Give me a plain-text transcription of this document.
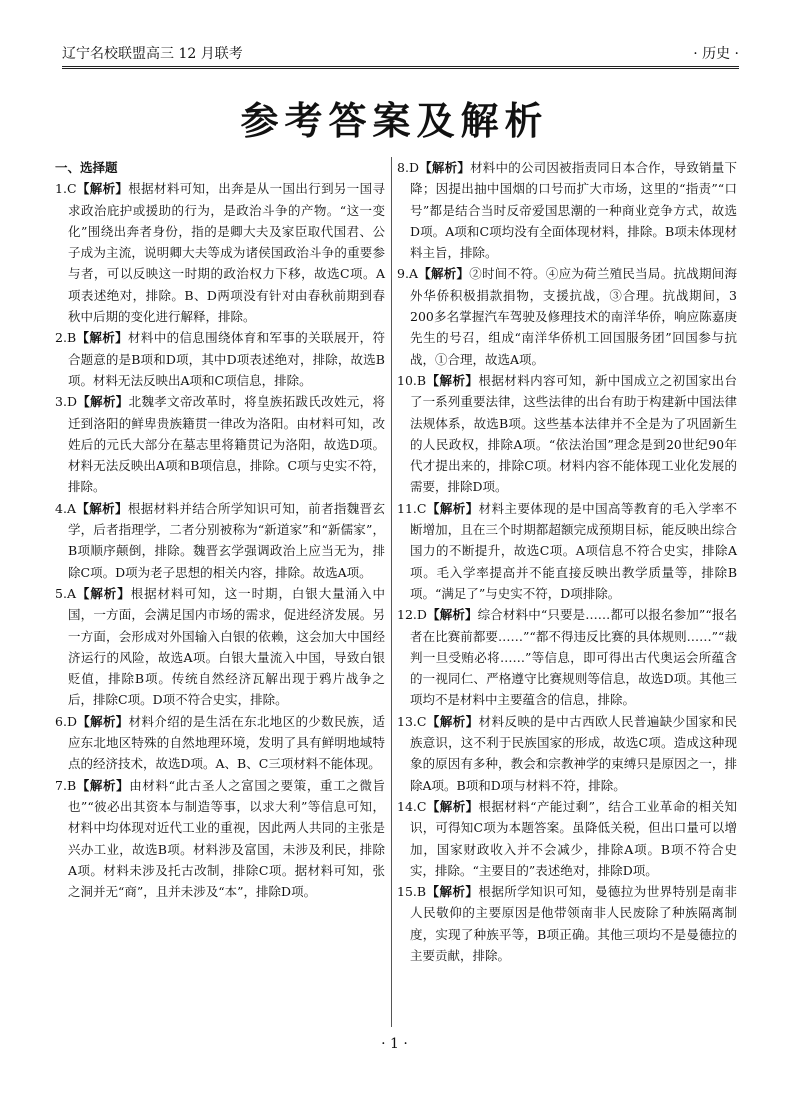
辽宁名校联盟高三 12 月联考	· 历史 ·
参考答案及解析
一、选择题

1.C【解析】根据材料可知，出奔是从一国出行到另一国寻求政治庇护或援助的行为，是政治斗争的产物。“这一变化”围绕出奔者身份，指的是卿大夫及家臣取代国君、公子成为主流，说明卿大夫等成为诸侯国政治斗争的重要参与者，可以反映这一时期的政治权力下移，故选C项。A项表述绝对，排除。B、D两项没有针对由春秋前期到春秋中后期的变化进行解释，排除。

2.B【解析】材料中的信息围绕体育和军事的关联展开，符合题意的是B项和D项，其中D项表述绝对，排除，故选B项。材料无法反映出A项和C项信息，排除。

3.D【解析】北魏孝文帝改革时，将皇族拓跋氏改姓元，将迁到洛阳的鲜卑贵族籍贯一律改为洛阳。由材料可知，改姓后的元氏大部分在墓志里将籍贯记为洛阳，故选D项。材料无法反映出A项和B项信息，排除。C项与史实不符，排除。

4.A【解析】根据材料并结合所学知识可知，前者指魏晋玄学，后者指理学，二者分别被称为“新道家”和“新儒家”，B项顺序颠倒，排除。魏晋玄学强调政治上应当无为，排除C项。D项为老子思想的相关内容，排除。故选A项。

5.A【解析】根据材料可知，这一时期，白银大量涌入中国，一方面，会满足国内市场的需求，促进经济发展。另一方面，会形成对外国输入白银的依赖，这会加大中国经济运行的风险，故选A项。白银大量流入中国，导致白银贬值，排除B项。传统自然经济瓦解出现于鸦片战争之后，排除C项。D项不符合史实，排除。

6.D【解析】材料介绍的是生活在东北地区的少数民族，适应东北地区特殊的自然地理环境，发明了具有鲜明地域特点的经济技术，故选D项。A、B、C三项材料不能体现。

7.B【解析】由材料“此古圣人之富国之要策，重工之微旨也”“彼必出其资本与制造等事，以求大利”等信息可知，材料中均体现对近代工业的重视，因此两人共同的主张是兴办工业，故选B项。材料涉及富国，未涉及利民，排除A项。材料未涉及托古改制，排除C项。据材料可知，张之洞并无“商”，且并未涉及“本”，排除D项。

8.D【解析】材料中的公司因被指责同日本合作，导致销量下降；因提出抽中国烟的口号而扩大市场，这里的“指责”“口号”都是结合当时反帝爱国思潮的一种商业竞争方式，故选D项。A项和C项均没有全面体现材料，排除。B项未体现材料主旨，排除。

9.A【解析】②时间不符。④应为荷兰殖民当局。抗战期间海外华侨积极捐款捐物，支援抗战，③合理。抗战期间，3 200多名掌握汽车驾驶及修理技术的南洋华侨，响应陈嘉庚先生的号召，组成“南洋华侨机工回国服务团”回国参与抗战，①合理，故选A项。

10.B【解析】根据材料内容可知，新中国成立之初国家出台了一系列重要法律，这些法律的出台有助于构建新中国法律法规体系，故选B项。这些基本法律并不全是为了巩固新生的人民政权，排除A项。“依法治国”理念是到20世纪90年代才提出来的，排除C项。材料内容不能体现工业化发展的需要，排除D项。

11.C【解析】材料主要体现的是中国高等教育的毛入学率不断增加，且在三个时期都超额完成预期目标，能反映出综合国力的不断提升，故选C项。A项信息不符合史实，排除A项。毛入学率提高并不能直接反映出教学质量等，排除B项。“满足了”与史实不符，D项排除。

12.D【解析】综合材料中“只要是……都可以报名参加”“报名者在比赛前都要……”“都不得违反比赛的具体规则……”“裁判一旦受贿必将……”等信息，即可得出古代奥运会所蕴含的一视同仁、严格遵守比赛规则等信息，故选D项。其他三项均不是材料中主要蕴含的信息，排除。

13.C【解析】材料反映的是中古西欧人民普遍缺少国家和民族意识，这不利于民族国家的形成，故选C项。造成这种现象的原因有多种，教会和宗教神学的束缚只是原因之一，排除A项。B项和D项与材料不符，排除。

14.C【解析】根据材料“产能过剩”，结合工业革命的相关知识，可得知C项为本题答案。虽降低关税，但出口量可以增加，国家财政收入并不会减少，排除A项。B项不符合史实，排除。“主要目的”表述绝对，排除D项。

15.B【解析】根据所学知识可知，曼德拉为世界特别是南非人民敬仰的主要原因是他带领南非人民废除了种族隔离制度，实现了种族平等，B项正确。其他三项均不是曼德拉的主要贡献，排除。

· 1 ·
